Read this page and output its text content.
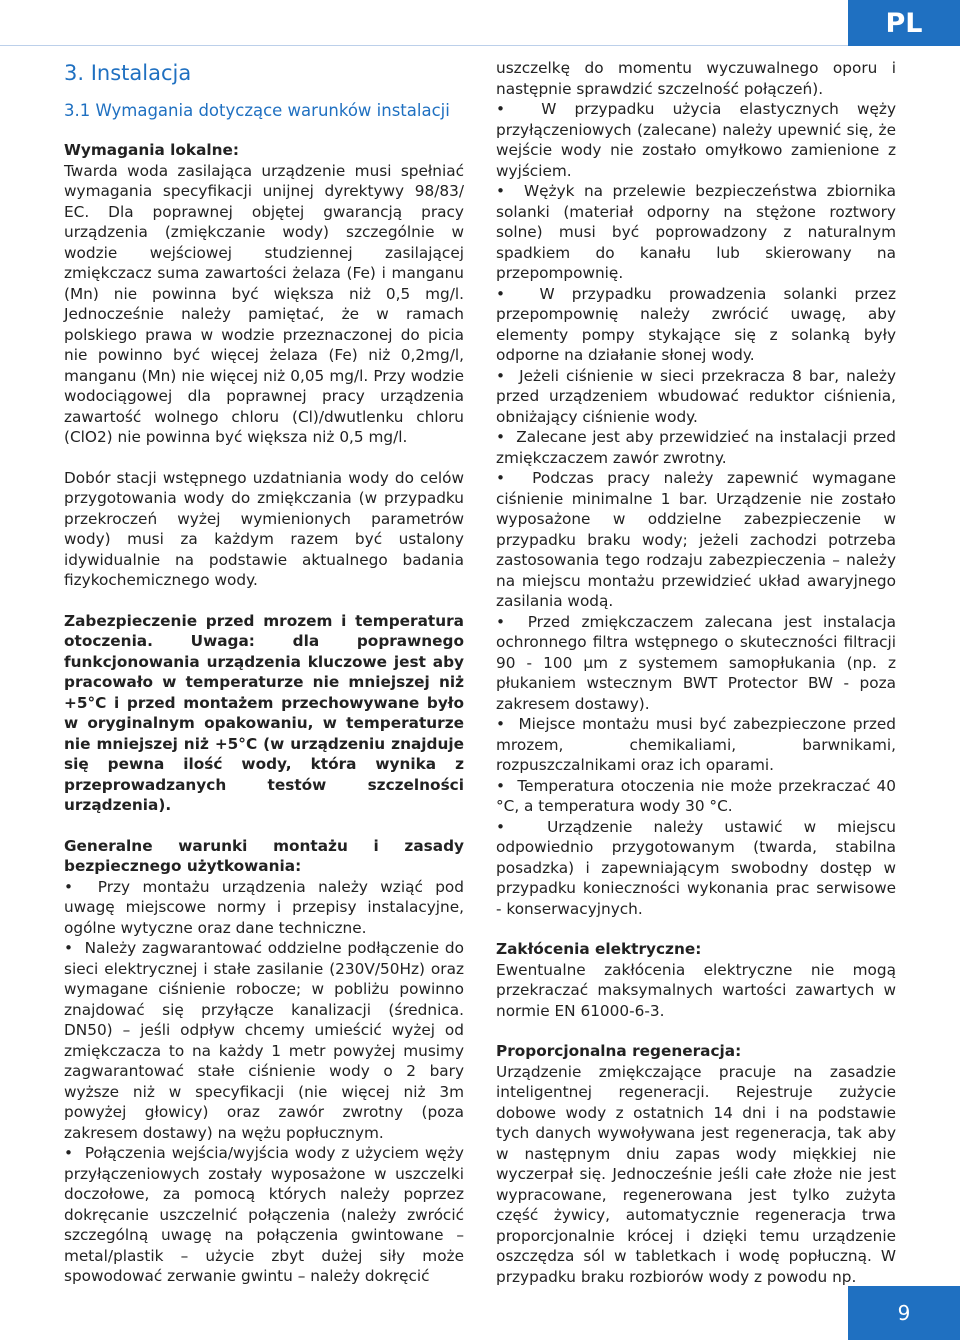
PL
3. Instalacja
3.1 Wymagania dotyczące warunków instalacji

Wymagania lokalne:

Twarda woda zasilająca urządzenie musi spełniać wymagania specyfikacji unijnej dyrektywy 98/83/ EC. Dla poprawnej objętej gwarancją pracy urządzenia (zmiękczanie wody) szczególnie w wodzie wejściowej studziennej zasilającej zmiękczacz suma zawartości żelaza (Fe) i manganu (Mn) nie powinna być większa niż 0,5 mg/l. Jednocześnie należy pamiętać, że w ramach polskiego prawa w wodzie przeznaczonej do picia nie powinno być więcej żelaza (Fe) niż 0,2mg/l, manganu (Mn) nie więcej niż 0,05 mg/l. Przy wodzie wodociągowej dla poprawnej pracy urządzenia zawartość wolnego chloru (Cl)/dwutlenku chloru (ClO2) nie powinna być większa niż 0,5 mg/l.

Dobór stacji wstępnego uzdatniania wody do celów przygotowania wody do zmiękczania (w przypadku przekroczeń wyżej wymienionych parametrów wody) musi za każdym razem być ustalony idywidualnie na podstawie aktualnego badania fizykochemicznego wody.

Zabezpieczenie przed mrozem i temperatura otoczenia. Uwaga: dla poprawnego funkcjonowania urządzenia kluczowe jest aby pracowało w temperaturze nie mniejszej niż +5°C i przed montażem przechowywane było w oryginalnym opakowaniu, w temperaturze nie mniejszej niż +5°C (w urządzeniu znajduje się pewna ilość wody, która wynika z przeprowadzanych testów szczelności urządzenia).

Generalne warunki montażu i zasady bezpiecznego użytkowania:

•  Przy montażu urządzenia należy wziąć pod uwagę miejscowe normy i przepisy instalacyjne, ogólne wytyczne oraz dane techniczne.

•  Należy zagwarantować oddzielne podłączenie do sieci elektrycznej i stałe zasilanie (230V/50Hz) oraz wymagane ciśnienie robocze; w pobliżu powinno znajdować się przyłącze kanalizacji (średnica. DN50) – jeśli odpływ chcemy umieścić wyżej od zmiękczacza to na każdy 1 metr powyżej musimy zagwarantować stałe ciśnienie wody o 2 bary wyższe niż w specyfikacji (nie więcej niż 3m powyżej głowicy) oraz zawór zwrotny (poza zakresem dostawy) na wężu popłucznym.

•  Połączenia wejścia/wyjścia wody z użyciem węży przyłączeniowych zostały wyposażone w uszczelki doczołowe, za pomocą których należy poprzez dokręcanie uszczelnić połączenia (należy zwrócić szczególną uwagę na połączenia gwintowane – metal/plastik – użycie zbyt dużej siły może spowodować zerwanie gwintu – należy dokręcić

uszczelkę do momentu wyczuwalnego oporu i następnie sprawdzić szczelność połączeń).

•  W przypadku użycia elastycznych węży przyłączeniowych (zalecane) należy upewnić się, że wejście wody nie zostało omyłkowo zamienione z wyjściem.

•  Wężyk na przelewie bezpieczeństwa zbiornika solanki (materiał odporny na stężone roztwory solne) musi być poprowadzony z naturalnym spadkiem do kanału lub skierowany na przepompownię.

•  W przypadku prowadzenia solanki przez przepompownię należy zwrócić uwagę, aby elementy pompy stykające się z solanką były odporne na działanie słonej wody.

•  Jeżeli ciśnienie w sieci przekracza 8 bar, należy przed urządzeniem wbudować reduktor ciśnienia, obniżający ciśnienie wody.

•  Zalecane jest aby przewidzieć na instalacji przed zmiękczaczem zawór zwrotny.

•  Podczas pracy należy zapewnić wymagane ciśnienie minimalne 1 bar. Urządzenie nie zostało wyposażone w oddzielne zabezpieczenie w przypadku braku wody; jeżeli zachodzi potrzeba zastosowania tego rodzaju zabezpieczenia – należy na miejscu montażu przewidzieć układ awaryjnego zasilania wodą.

•  Przed zmiękczaczem zalecana jest instalacja ochronnego filtra wstępnego o skuteczności filtracji 90 - 100 µm z systemem samopłukania (np. z płukaniem wstecznym BWT Protector BW - poza zakresem dostawy).

•  Miejsce montażu musi być zabezpieczone przed mrozem, chemikaliami, barwnikami, rozpuszczalnikami oraz ich oparami.

•  Temperatura otoczenia nie może przekraczać 40 °C, a temperatura wody 30 °C.

•  Urządzenie należy ustawić w miejscu odpowiednio przygotowanym (twarda, stabilna posadzka) i zapewniającym swobodny dostęp w przypadku konieczności wykonania prac serwisowe - konserwacyjnych.

Zakłócenia elektryczne:

Ewentualne zakłócenia elektryczne nie mogą przekraczać maksymalnych wartości zawartych w normie EN 61000-6-3.

Proporcjonalna regeneracja:

Urządzenie zmiękczające pracuje na zasadzie inteligentnej regeneracji. Rejestruje zużycie dobowe wody z ostatnich 14 dni i na podstawie tych danych wywoływana jest regeneracja, tak aby w następnym dniu zapas wody miękkiej nie wyczerpał się. Jednocześnie jeśli całe złoże nie jest wypracowane, regenerowana jest tylko zużyta część żywicy, automatycznie regeneracja trwa proporcjonalnie krócej i dzięki temu urządzenie oszczędza sól w tabletkach i wodę popłuczną. W przypadku braku rozbiorów wody z powodu np.

9
